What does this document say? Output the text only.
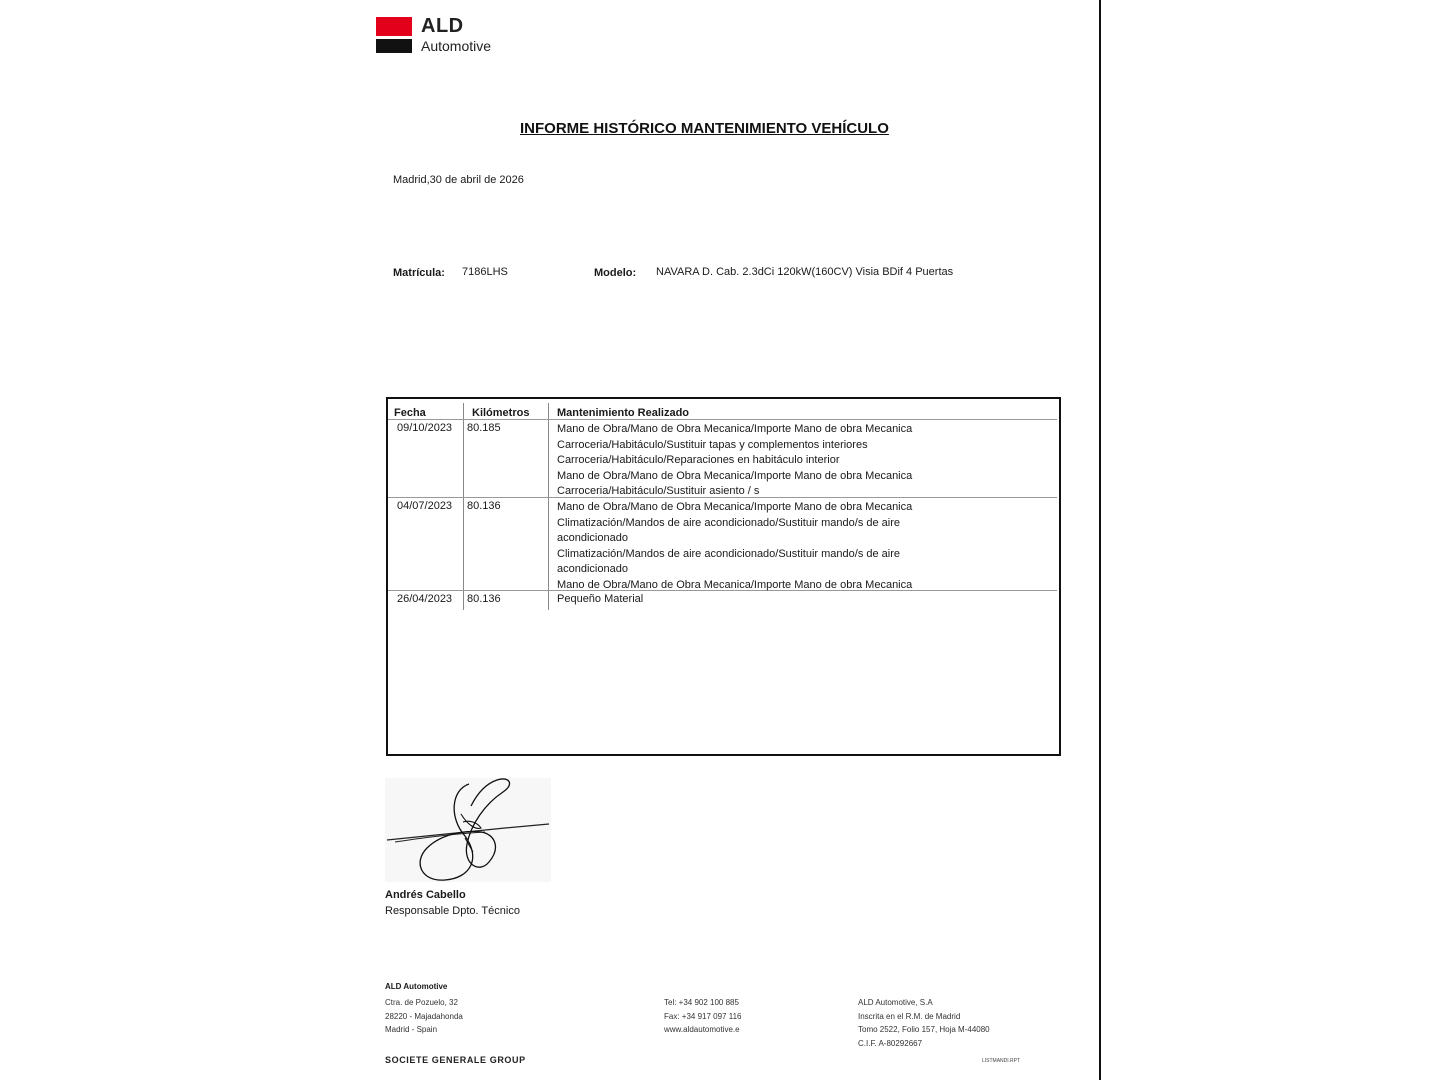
ALD
Automotive
INFORME HISTÓRICO MANTENIMIENTO VEHÍCULO
Madrid,30 de abril de 2026
Matrícula: 7186LHS	Modelo: NAVARA D. Cab. 2.3dCi 120kW(160CV) Visia BDif 4 Puertas
Fecha	Kilómetros	Mantenimiento Realizado
09/10/2023 80.185	Mano de Obra/Mano de Obra Mecanica/Importe Mano de obra Mecanica
Carroceria/Habitáculo/Sustituir tapas y complementos interiores
Carroceria/Habitáculo/Reparaciones en habitáculo interior
Mano de Obra/Mano de Obra Mecanica/Importe Mano de obra Mecanica
Carroceria/Habitáculo/Sustituir asiento / s
04/07/2023 80.136	Mano de Obra/Mano de Obra Mecanica/Importe Mano de obra Mecanica
Climatización/Mandos de aire acondicionado/Sustituir mando/s de aire
acondicionado
Climatización/Mandos de aire acondicionado/Sustituir mando/s de aire
acondicionado
Mano de Obra/Mano de Obra Mecanica/Importe Mano de obra Mecanica
26/04/2023 80.136	Pequeño Material
Andrés Cabello
Responsable Dpto. Técnico
ALD Automotive
Ctra. de Pozuelo, 32
28220 - Majadahonda
Madrid - Spain
Tel: +34 902 100 885
Fax: +34 917 097 116
www.aldautomotive.e
ALD Automotive, S.A
Inscrita en el R.M. de Madrid
Tomo 2522, Folio 157, Hoja M-44080
C.I.F. A-80292667
SOCIETE GENERALE GROUP	LISTMANDI.RPT
